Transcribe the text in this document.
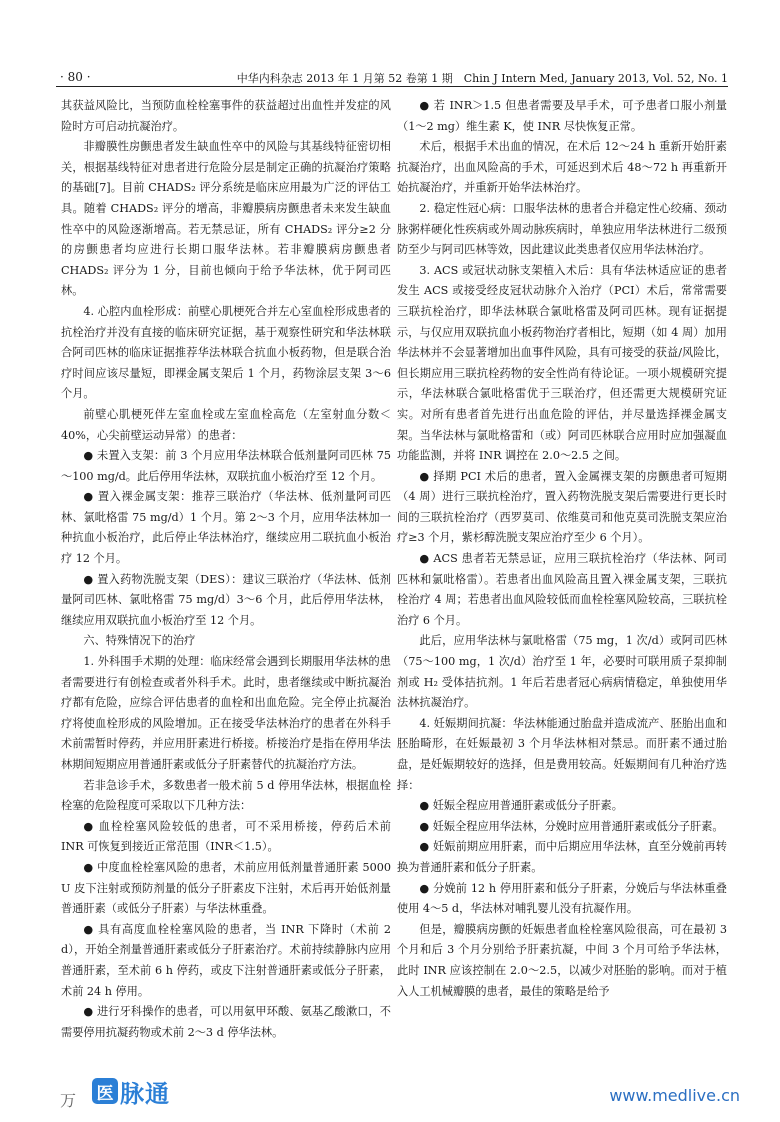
· 80 ·	中华内科杂志 2013 年 1 月第 52 卷第 1 期　Chin J Intern Med, January 2013, Vol. 52, No. 1

其获益风险比，当预防血栓栓塞事件的获益超过出血性并发症的风险时方可启动抗凝治疗。

非瓣膜性房颤患者发生缺血性卒中的风险与其基线特征密切相关，根据基线特征对患者进行危险分层是制定正确的抗凝治疗策略的基础[7]。目前 CHADS₂ 评分系统是临床应用最为广泛的评估工具。随着 CHADS₂ 评分的增高，非瓣膜病房颤患者未来发生缺血性卒中的风险逐渐增高。若无禁忌证，所有 CHADS₂ 评分≥2 分的房颤患者均应进行长期口服华法林。若非瓣膜病房颤患者 CHADS₂ 评分为 1 分，目前也倾向于给予华法林，优于阿司匹林。

4. 心腔内血栓形成：前壁心肌梗死合并左心室血栓形成患者的抗栓治疗并没有直接的临床研究证据，基于观察性研究和华法林联合阿司匹林的临床证据推荐华法林联合抗血小板药物，但是联合治疗时间应该尽量短，即裸金属支架后 1 个月，药物涂层支架 3～6 个月。

前壁心肌梗死伴左室血栓或左室血栓高危（左室射血分数＜40%，心尖前壁运动异常）的患者：

● 未置入支架：前 3 个月应用华法林联合低剂量阿司匹林 75～100 mg/d。此后停用华法林，双联抗血小板治疗至 12 个月。

● 置入裸金属支架：推荐三联治疗（华法林、低剂量阿司匹林、氯吡格雷 75 mg/d）1 个月。第 2～3 个月，应用华法林加一种抗血小板治疗，此后停止华法林治疗，继续应用二联抗血小板治疗 12 个月。

● 置入药物洗脱支架（DES）：建议三联治疗（华法林、低剂量阿司匹林、氯吡格雷 75 mg/d）3～6 个月，此后停用华法林，继续应用双联抗血小板治疗至 12 个月。

六、特殊情况下的治疗

1. 外科围手术期的处理：临床经常会遇到长期服用华法林的患者需要进行有创检查或者外科手术。此时，患者继续或中断抗凝治疗都有危险，应综合评估患者的血栓和出血危险。完全停止抗凝治疗将使血栓形成的风险增加。正在接受华法林治疗的患者在外科手术前需暂时停药，并应用肝素进行桥接。桥接治疗是指在停用华法林期间短期应用普通肝素或低分子肝素替代的抗凝治疗方法。

若非急诊手术，多数患者一般术前 5 d 停用华法林，根据血栓栓塞的危险程度可采取以下几种方法：

● 血栓栓塞风险较低的患者，可不采用桥接，停药后术前 INR 可恢复到接近正常范围（INR＜1.5）。

● 中度血栓栓塞风险的患者，术前应用低剂量普通肝素 5000 U 皮下注射或预防剂量的低分子肝素皮下注射，术后再开始低剂量普通肝素（或低分子肝素）与华法林重叠。

● 具有高度血栓栓塞风险的患者，当 INR 下降时（术前 2 d），开始全剂量普通肝素或低分子肝素治疗。术前持续静脉内应用普通肝素，至术前 6 h 停药，或皮下注射普通肝素或低分子肝素，术前 24 h 停用。

● 进行牙科操作的患者，可以用氨甲环酸、氨基乙酸漱口，不需要停用抗凝药物或术前 2～3 d 停华法林。

● 若 INR＞1.5 但患者需要及早手术，可予患者口服小剂量（1～2 mg）维生素 K，使 INR 尽快恢复正常。

术后，根据手术出血的情况，在术后 12～24 h 重新开始肝素抗凝治疗，出血风险高的手术，可延迟到术后 48～72 h 再重新开始抗凝治疗，并重新开始华法林治疗。

2. 稳定性冠心病：口服华法林的患者合并稳定性心绞痛、颈动脉粥样硬化性疾病或外周动脉疾病时，单独应用华法林进行二级预防至少与阿司匹林等效，因此建议此类患者仅应用华法林治疗。

3. ACS 或冠状动脉支架植入术后：具有华法林适应证的患者发生 ACS 或接受经皮冠状动脉介入治疗（PCI）术后，常常需要三联抗栓治疗，即华法林联合氯吡格雷及阿司匹林。现有证据提示，与仅应用双联抗血小板药物治疗者相比，短期（如 4 周）加用华法林并不会显著增加出血事件风险，具有可接受的获益/风险比，但长期应用三联抗栓药物的安全性尚有待论证。一项小规模研究提示，华法林联合氯吡格雷优于三联治疗，但还需更大规模研究证实。对所有患者首先进行出血危险的评估，并尽量选择裸金属支架。当华法林与氯吡格雷和（或）阿司匹林联合应用时应加强凝血功能监测，并将 INR 调控在 2.0～2.5 之间。

● 择期 PCI 术后的患者，置入金属裸支架的房颤患者可短期（4 周）进行三联抗栓治疗，置入药物洗脱支架后需要进行更长时间的三联抗栓治疗（西罗莫司、依维莫司和他克莫司洗脱支架应治疗≥3 个月，紫杉醇洗脱支架应治疗至少 6 个月）。

● ACS 患者若无禁忌证，应用三联抗栓治疗（华法林、阿司匹林和氯吡格雷）。若患者出血风险高且置入裸金属支架，三联抗栓治疗 4 周；若患者出血风险较低而血栓栓塞风险较高，三联抗栓治疗 6 个月。

此后，应用华法林与氯吡格雷（75 mg，1 次/d）或阿司匹林（75～100 mg，1 次/d）治疗至 1 年，必要时可联用质子泵抑制剂或 H₂ 受体拮抗剂。1 年后若患者冠心病病情稳定，单独使用华法林抗凝治疗。

4. 妊娠期间抗凝：华法林能通过胎盘并造成流产、胚胎出血和胚胎畸形，在妊娠最初 3 个月华法林相对禁忌。而肝素不通过胎盘，是妊娠期较好的选择，但是费用较高。妊娠期间有几种治疗选择：

● 妊娠全程应用普通肝素或低分子肝素。

● 妊娠全程应用华法林，分娩时应用普通肝素或低分子肝素。

● 妊娠前期应用肝素，而中后期应用华法林，直至分娩前再转换为普通肝素和低分子肝素。

● 分娩前 12 h 停用肝素和低分子肝素，分娩后与华法林重叠使用 4～5 d，华法林对哺乳婴儿没有抗凝作用。

但是，瓣膜病房颤的妊娠患者血栓栓塞风险很高，可在最初 3 个月和后 3 个月分别给予肝素抗凝，中间 3 个月可给予华法林，此时 INR 应该控制在 2.0～2.5，以减少对胚胎的影响。而对于植入人工机械瓣膜的患者，最佳的策略是给予

万 医 脉通	www.medlive.cn
